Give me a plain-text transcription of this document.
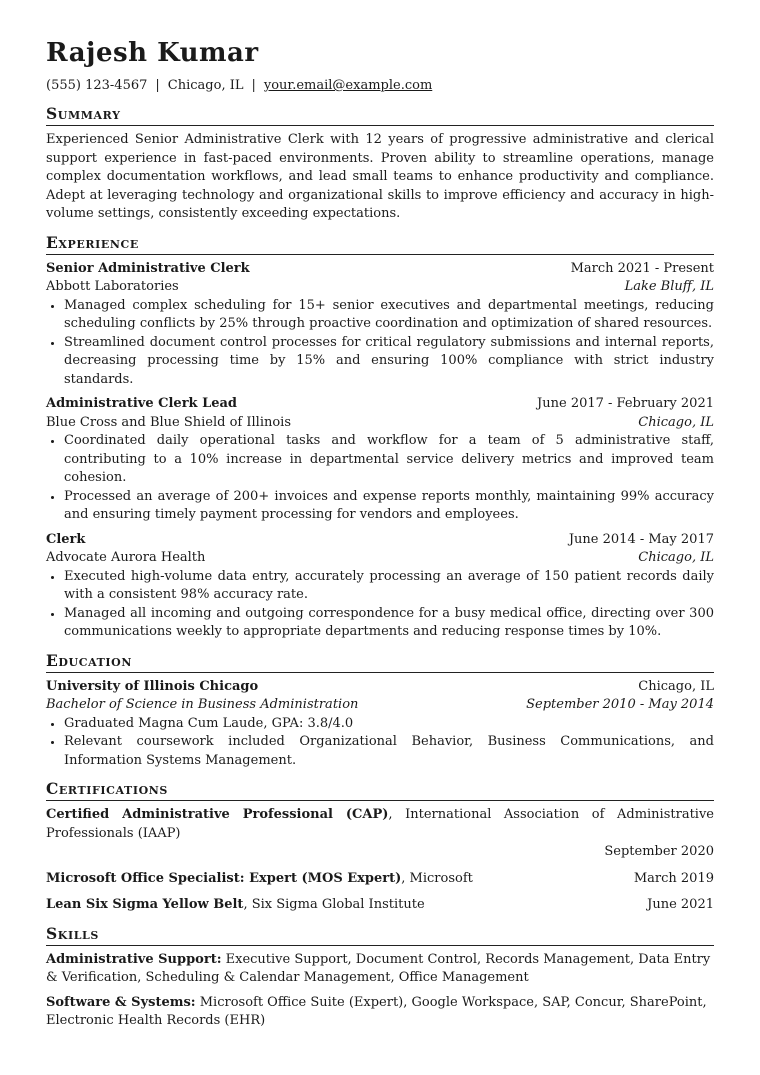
Rajesh Kumar
(555) 123-4567 | Chicago, IL | your.email@example.com
Summary
Experienced Senior Administrative Clerk with 12 years of progressive administrative and clerical support experience in fast-paced environments. Proven ability to streamline operations, manage complex documentation workflows, and lead small teams to enhance productivity and compliance. Adept at leveraging technology and organizational skills to improve efficiency and accuracy in high-volume settings, consistently exceeding expectations.
Experience
Senior Administrative Clerk	March 2021 - Present
Abbott Laboratories	Lake Bluff, IL
• Managed complex scheduling for 15+ senior executives and departmental meetings, reducing scheduling conflicts by 25% through proactive coordination and optimization of shared resources.
• Streamlined document control processes for critical regulatory submissions and internal reports, decreasing processing time by 15% and ensuring 100% compliance with strict industry standards.
Administrative Clerk Lead	June 2017 - February 2021
Blue Cross and Blue Shield of Illinois	Chicago, IL
• Coordinated daily operational tasks and workflow for a team of 5 administrative staff, contributing to a 10% increase in departmental service delivery metrics and improved team cohesion.
• Processed an average of 200+ invoices and expense reports monthly, maintaining 99% accuracy and ensuring timely payment processing for vendors and employees.
Clerk	June 2014 - May 2017
Advocate Aurora Health	Chicago, IL
• Executed high-volume data entry, accurately processing an average of 150 patient records daily with a consistent 98% accuracy rate.
• Managed all incoming and outgoing correspondence for a busy medical office, directing over 300 communications weekly to appropriate departments and reducing response times by 10%.
Education
University of Illinois Chicago	Chicago, IL
Bachelor of Science in Business Administration	September 2010 - May 2014
• Graduated Magna Cum Laude, GPA: 3.8/4.0
• Relevant coursework included Organizational Behavior, Business Communications, and Information Systems Management.
Certifications
Certified Administrative Professional (CAP), International Association of Administrative Professionals (IAAP)
September 2020
Microsoft Office Specialist: Expert (MOS Expert), Microsoft	March 2019
Lean Six Sigma Yellow Belt, Six Sigma Global Institute	June 2021
Skills
Administrative Support: Executive Support, Document Control, Records Management, Data Entry & Verification, Scheduling & Calendar Management, Office Management
Software & Systems: Microsoft Office Suite (Expert), Google Workspace, SAP, Concur, SharePoint, Electronic Health Records (EHR)
